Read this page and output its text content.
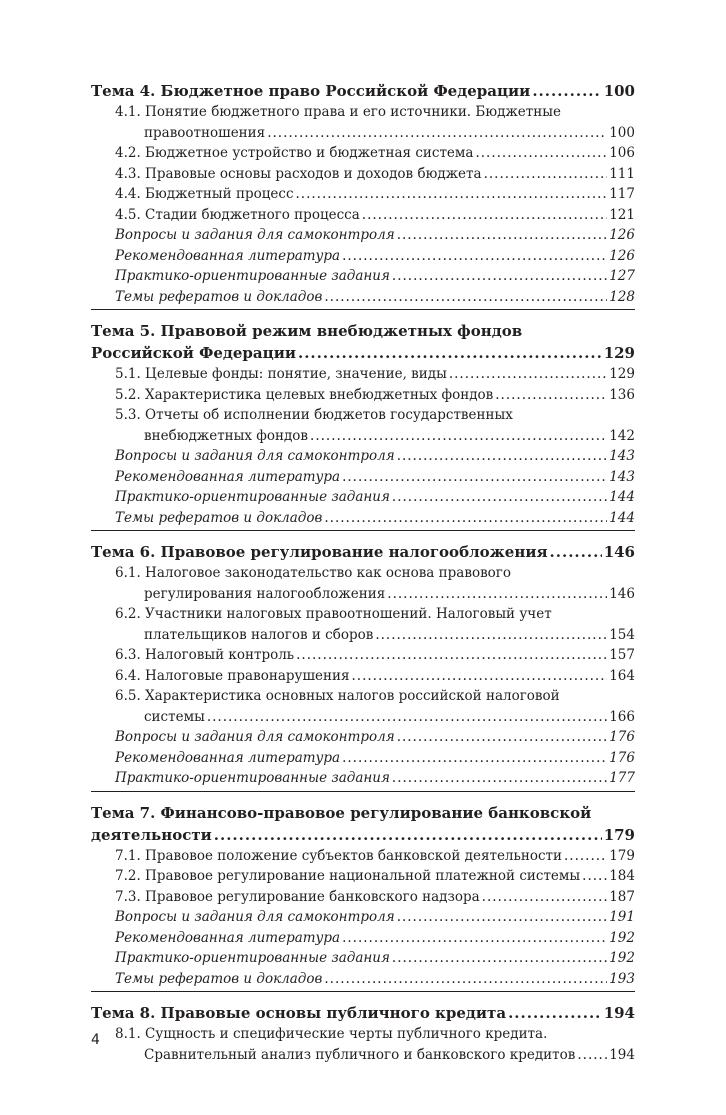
Тема 4. Бюджетное право Российской Федерации .....	100
4.1. Понятие бюджетного права и его источники. Бюджетные
правоотношения .....	100
4.2. Бюджетное устройство и бюджетная система .....	106
4.3. Правовые основы расходов и доходов бюджета .....	111
4.4. Бюджетный процесс .....	117
4.5. Стадии бюджетного процесса .....	121
Вопросы и задания для самоконтроля .....	126
Рекомендованная литература .....	126
Практико-ориентированные задания .....	127
Темы рефератов и докладов .....	128
Тема 5. Правовой режим внебюджетных фондов
Российской Федерации .....	129
5.1. Целевые фонды: понятие, значение, виды .....	129
5.2. Характеристика целевых внебюджетных фондов .....	136
5.3. Отчеты об исполнении бюджетов государственных
внебюджетных фондов .....	142
Вопросы и задания для самоконтроля .....	143
Рекомендованная литература .....	143
Практико-ориентированные задания .....	144
Темы рефератов и докладов .....	144
Тема 6. Правовое регулирование налогообложения .....	146
6.1. Налоговое законодательство как основа правового
регулирования налогообложения .....	146
6.2. Участники налоговых правоотношений. Налоговый учет
плательщиков налогов и сборов .....	154
6.3. Налоговый контроль .....	157
6.4. Налоговые правонарушения .....	164
6.5. Характеристика основных налогов российской налоговой
системы .....	166
Вопросы и задания для самоконтроля .....	176
Рекомендованная литература .....	176
Практико-ориентированные задания .....	177
Тема 7. Финансово-правовое регулирование банковской
деятельности .....	179
7.1. Правовое положение субъектов банковской деятельности .....	179
7.2. Правовое регулирование национальной платежной системы ..... 184
7.3. Правовое регулирование банковского надзора .....	187
Вопросы и задания для самоконтроля .....	191
Рекомендованная литература .....	192
Практико-ориентированные задания .....	192
Темы рефератов и докладов .....	193
Тема 8. Правовые основы публичного кредита .....	194
8.1. Сущность и специфические черты публичного кредита.
Сравнительный анализ публичного и банковского кредитов .....	194
4
